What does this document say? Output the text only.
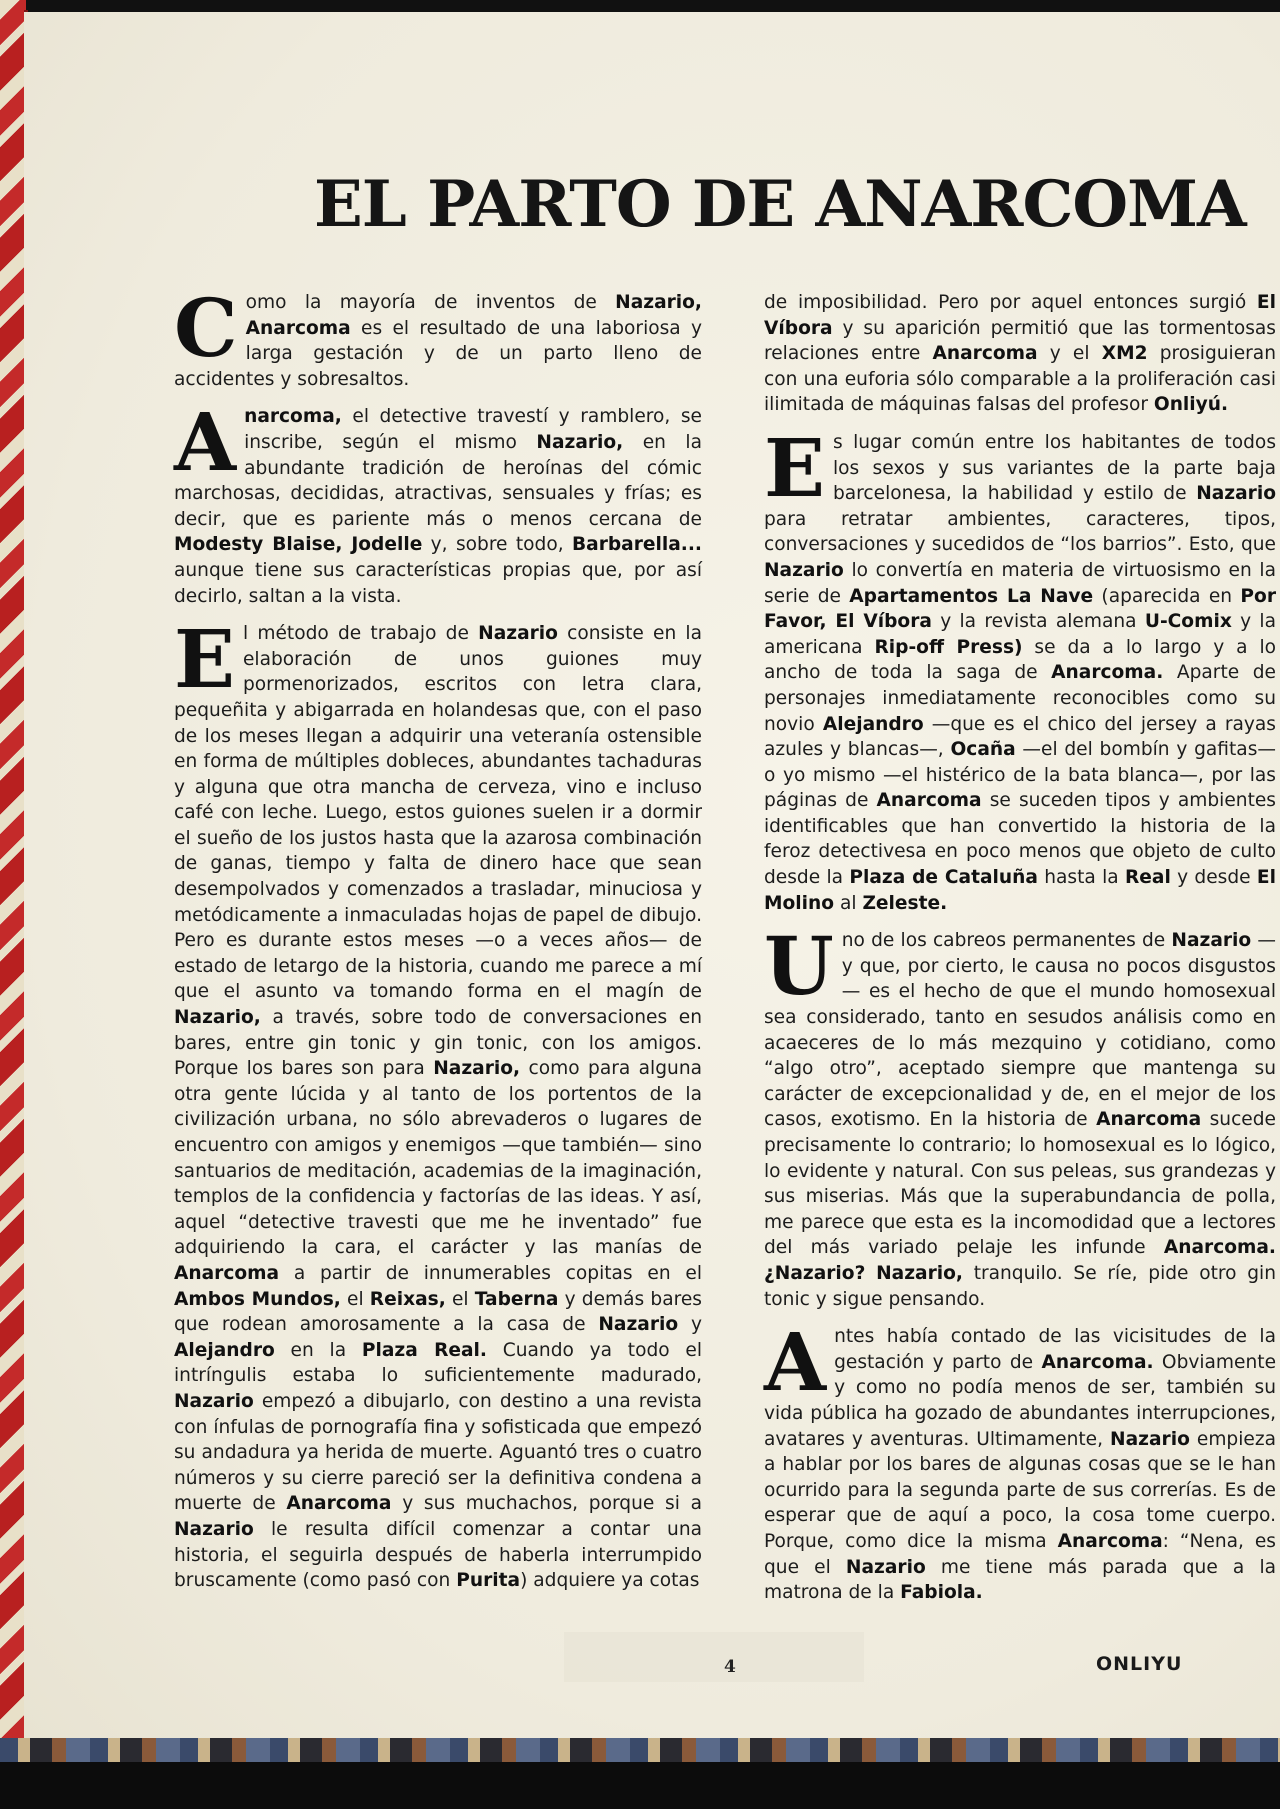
EL PARTO DE ANARCOMA

Como la mayoría de inventos de Nazario, Anarcoma es el resultado de una laboriosa y larga gestación y de un parto lleno de accidentes y sobresaltos.

Anarcoma, el detective travestí y ramblero, se inscribe, según el mismo Nazario, en la abundante tradición de heroínas del cómic marchosas, decididas, atractivas, sensuales y frías; es decir, que es pariente más o menos cercana de Modesty Blaise, Jodelle y, sobre todo, Barbarella... aunque tiene sus características propias que, por así decirlo, saltan a la vista.

El método de trabajo de Nazario consiste en la elaboración de unos guiones muy pormenorizados, escritos con letra clara, pequeñita y abigarrada en holandesas que, con el paso de los meses llegan a adquirir una veteranía ostensible en forma de múltiples dobleces, abundantes tachaduras y alguna que otra mancha de cerveza, vino e incluso café con leche. Luego, estos guiones suelen ir a dormir el sueño de los justos hasta que la azarosa combinación de ganas, tiempo y falta de dinero hace que sean desempolvados y comenzados a trasladar, minuciosa y metódicamente a inmaculadas hojas de papel de dibujo. Pero es durante estos meses —o a veces años— de estado de letargo de la historia, cuando me parece a mí que el asunto va tomando forma en el magín de Nazario, a través, sobre todo de conversaciones en bares, entre gin tonic y gin tonic, con los amigos. Porque los bares son para Nazario, como para alguna otra gente lúcida y al tanto de los portentos de la civilización urbana, no sólo abrevaderos o lugares de encuentro con amigos y enemigos —que también— sino santuarios de meditación, academias de la imaginación, templos de la confidencia y factorías de las ideas. Y así, aquel “detective travesti que me he inventado” fue adquiriendo la cara, el carácter y las manías de Anarcoma a partir de innumerables copitas en el Ambos Mundos, el Reixas, el Taberna y demás bares que rodean amorosamente a la casa de Nazario y Alejandro en la Plaza Real. Cuando ya todo el intríngulis estaba lo suficientemente madurado, Nazario empezó a dibujarlo, con destino a una revista con ínfulas de pornografía fina y sofisticada que empezó su andadura ya herida de muerte. Aguantó tres o cuatro números y su cierre pareció ser la definitiva condena a muerte de Anarcoma y sus muchachos, porque si a Nazario le resulta difícil comenzar a contar una historia, el seguirla después de haberla interrumpido bruscamente (como pasó con Purita) adquiere ya cotas

de imposibilidad. Pero por aquel entonces surgió El Víbora y su aparición permitió que las tormentosas relaciones entre Anarcoma y el XM2 prosiguieran con una euforia sólo comparable a la proliferación casi ilimitada de máquinas falsas del profesor Onliyú.

Es lugar común entre los habitantes de todos los sexos y sus variantes de la parte baja barcelonesa, la habilidad y estilo de Nazario para retratar ambientes, caracteres, tipos, conversaciones y sucedidos de “los barrios”. Esto, que Nazario lo convertía en materia de virtuosismo en la serie de Apartamentos La Nave (aparecida en Por Favor, El Víbora y la revista alemana U-Comix y la americana Rip-off Press) se da a lo largo y a lo ancho de toda la saga de Anarcoma. Aparte de personajes inmediatamente reconocibles como su novio Alejandro —que es el chico del jersey a rayas azules y blancas—, Ocaña —el del bombín y gafitas— o yo mismo —el histérico de la bata blanca—, por las páginas de Anarcoma se suceden tipos y ambientes identificables que han convertido la historia de la feroz detectivesa en poco menos que objeto de culto desde la Plaza de Cataluña hasta la Real y desde El Molino al Zeleste.

Uno de los cabreos permanentes de Nazario —y que, por cierto, le causa no pocos disgustos— es el hecho de que el mundo homosexual sea considerado, tanto en sesudos análisis como en acaeceres de lo más mezquino y cotidiano, como “algo otro”, aceptado siempre que mantenga su carácter de excepcionalidad y de, en el mejor de los casos, exotismo. En la historia de Anarcoma sucede precisamente lo contrario; lo homosexual es lo lógico, lo evidente y natural. Con sus peleas, sus grandezas y sus miserias. Más que la superabundancia de polla, me parece que esta es la incomodidad que a lectores del más variado pelaje les infunde Anarcoma. ¿Nazario? Nazario, tranquilo. Se ríe, pide otro gin tonic y sigue pensando.

Antes había contado de las vicisitudes de la gestación y parto de Anarcoma. Obviamente y como no podía menos de ser, también su vida pública ha gozado de abundantes interrupciones, avatares y aventuras. Ultimamente, Nazario empieza a hablar por los bares de algunas cosas que se le han ocurrido para la segunda parte de sus correrías. Es de esperar que de aquí a poco, la cosa tome cuerpo. Porque, como dice la misma Anarcoma: “Nena, es que el Nazario me tiene más parada que a la matrona de la Fabiola.

4	ONLIYU
